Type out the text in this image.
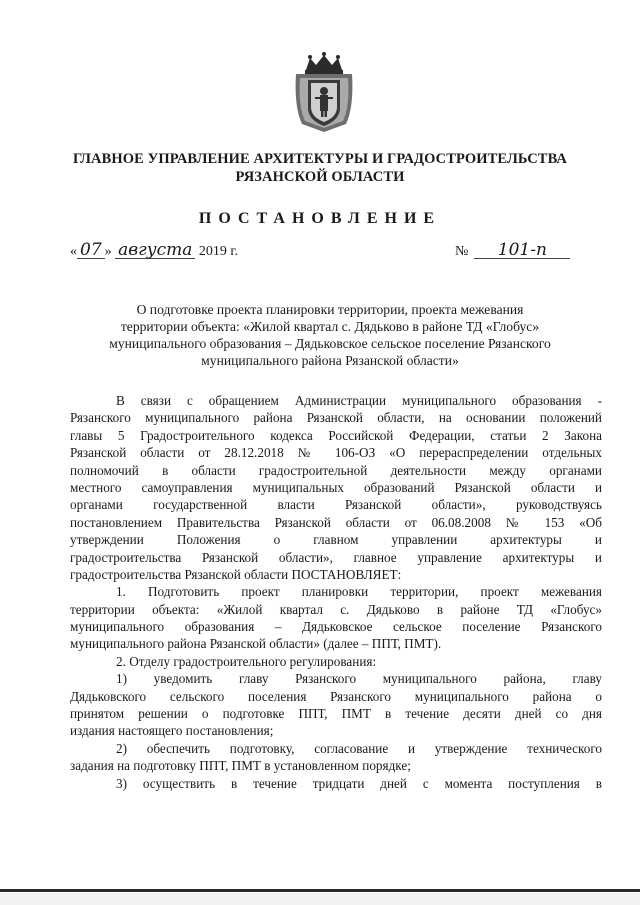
ГЛАВНОЕ УПРАВЛЕНИЕ АРХИТЕКТУРЫ И ГРАДОСТРОИТЕЛЬСТВА
РЯЗАНСКОЙ ОБЛАСТИ
ПОСТАНОВЛЕНИЕ
« 07 » августа 2019 г.	№ 101-п
О подготовке проекта планировки территории, проекта межевания
территории объекта: «Жилой квартал с. Дядьково в районе ТД «Глобус»
муниципального образования – Дядьковское сельское поселение Рязанского
муниципального района Рязанской области»
В связи с обращением Администрации муниципального образования -
Рязанского муниципального района Рязанской области, на основании положений
главы 5 Градостроительного кодекса Российской Федерации, статьи 2 Закона
Рязанской области от 28.12.2018 № 106-ОЗ «О перераспределении отдельных
полномочий в области градостроительной деятельности между органами
местного самоуправления муниципальных образований Рязанской области и
органами государственной власти Рязанской области», руководствуясь
постановлением Правительства Рязанской области от 06.08.2008 № 153 «Об
утверждении Положения о главном управлении архитектуры и
градостроительства Рязанской области», главное управление архитектуры и
градостроительства Рязанской области ПОСТАНОВЛЯЕТ:
1. Подготовить проект планировки территории, проект межевания
территории объекта: «Жилой квартал с. Дядьково в районе ТД «Глобус»
муниципального образования – Дядьковское сельское поселение Рязанского
муниципального района Рязанской области» (далее – ППТ, ПМТ).
2. Отделу градостроительного регулирования:
1) уведомить главу Рязанского муниципального района, главу
Дядьковского сельского поселения Рязанского муниципального района о
принятом решении о подготовке ППТ, ПМТ в течение десяти дней со дня
издания настоящего постановления;
2) обеспечить подготовку, согласование и утверждение технического
задания на подготовку ППТ, ПМТ в установленном порядке;
3) осуществить в течение тридцати дней с момента поступления в
